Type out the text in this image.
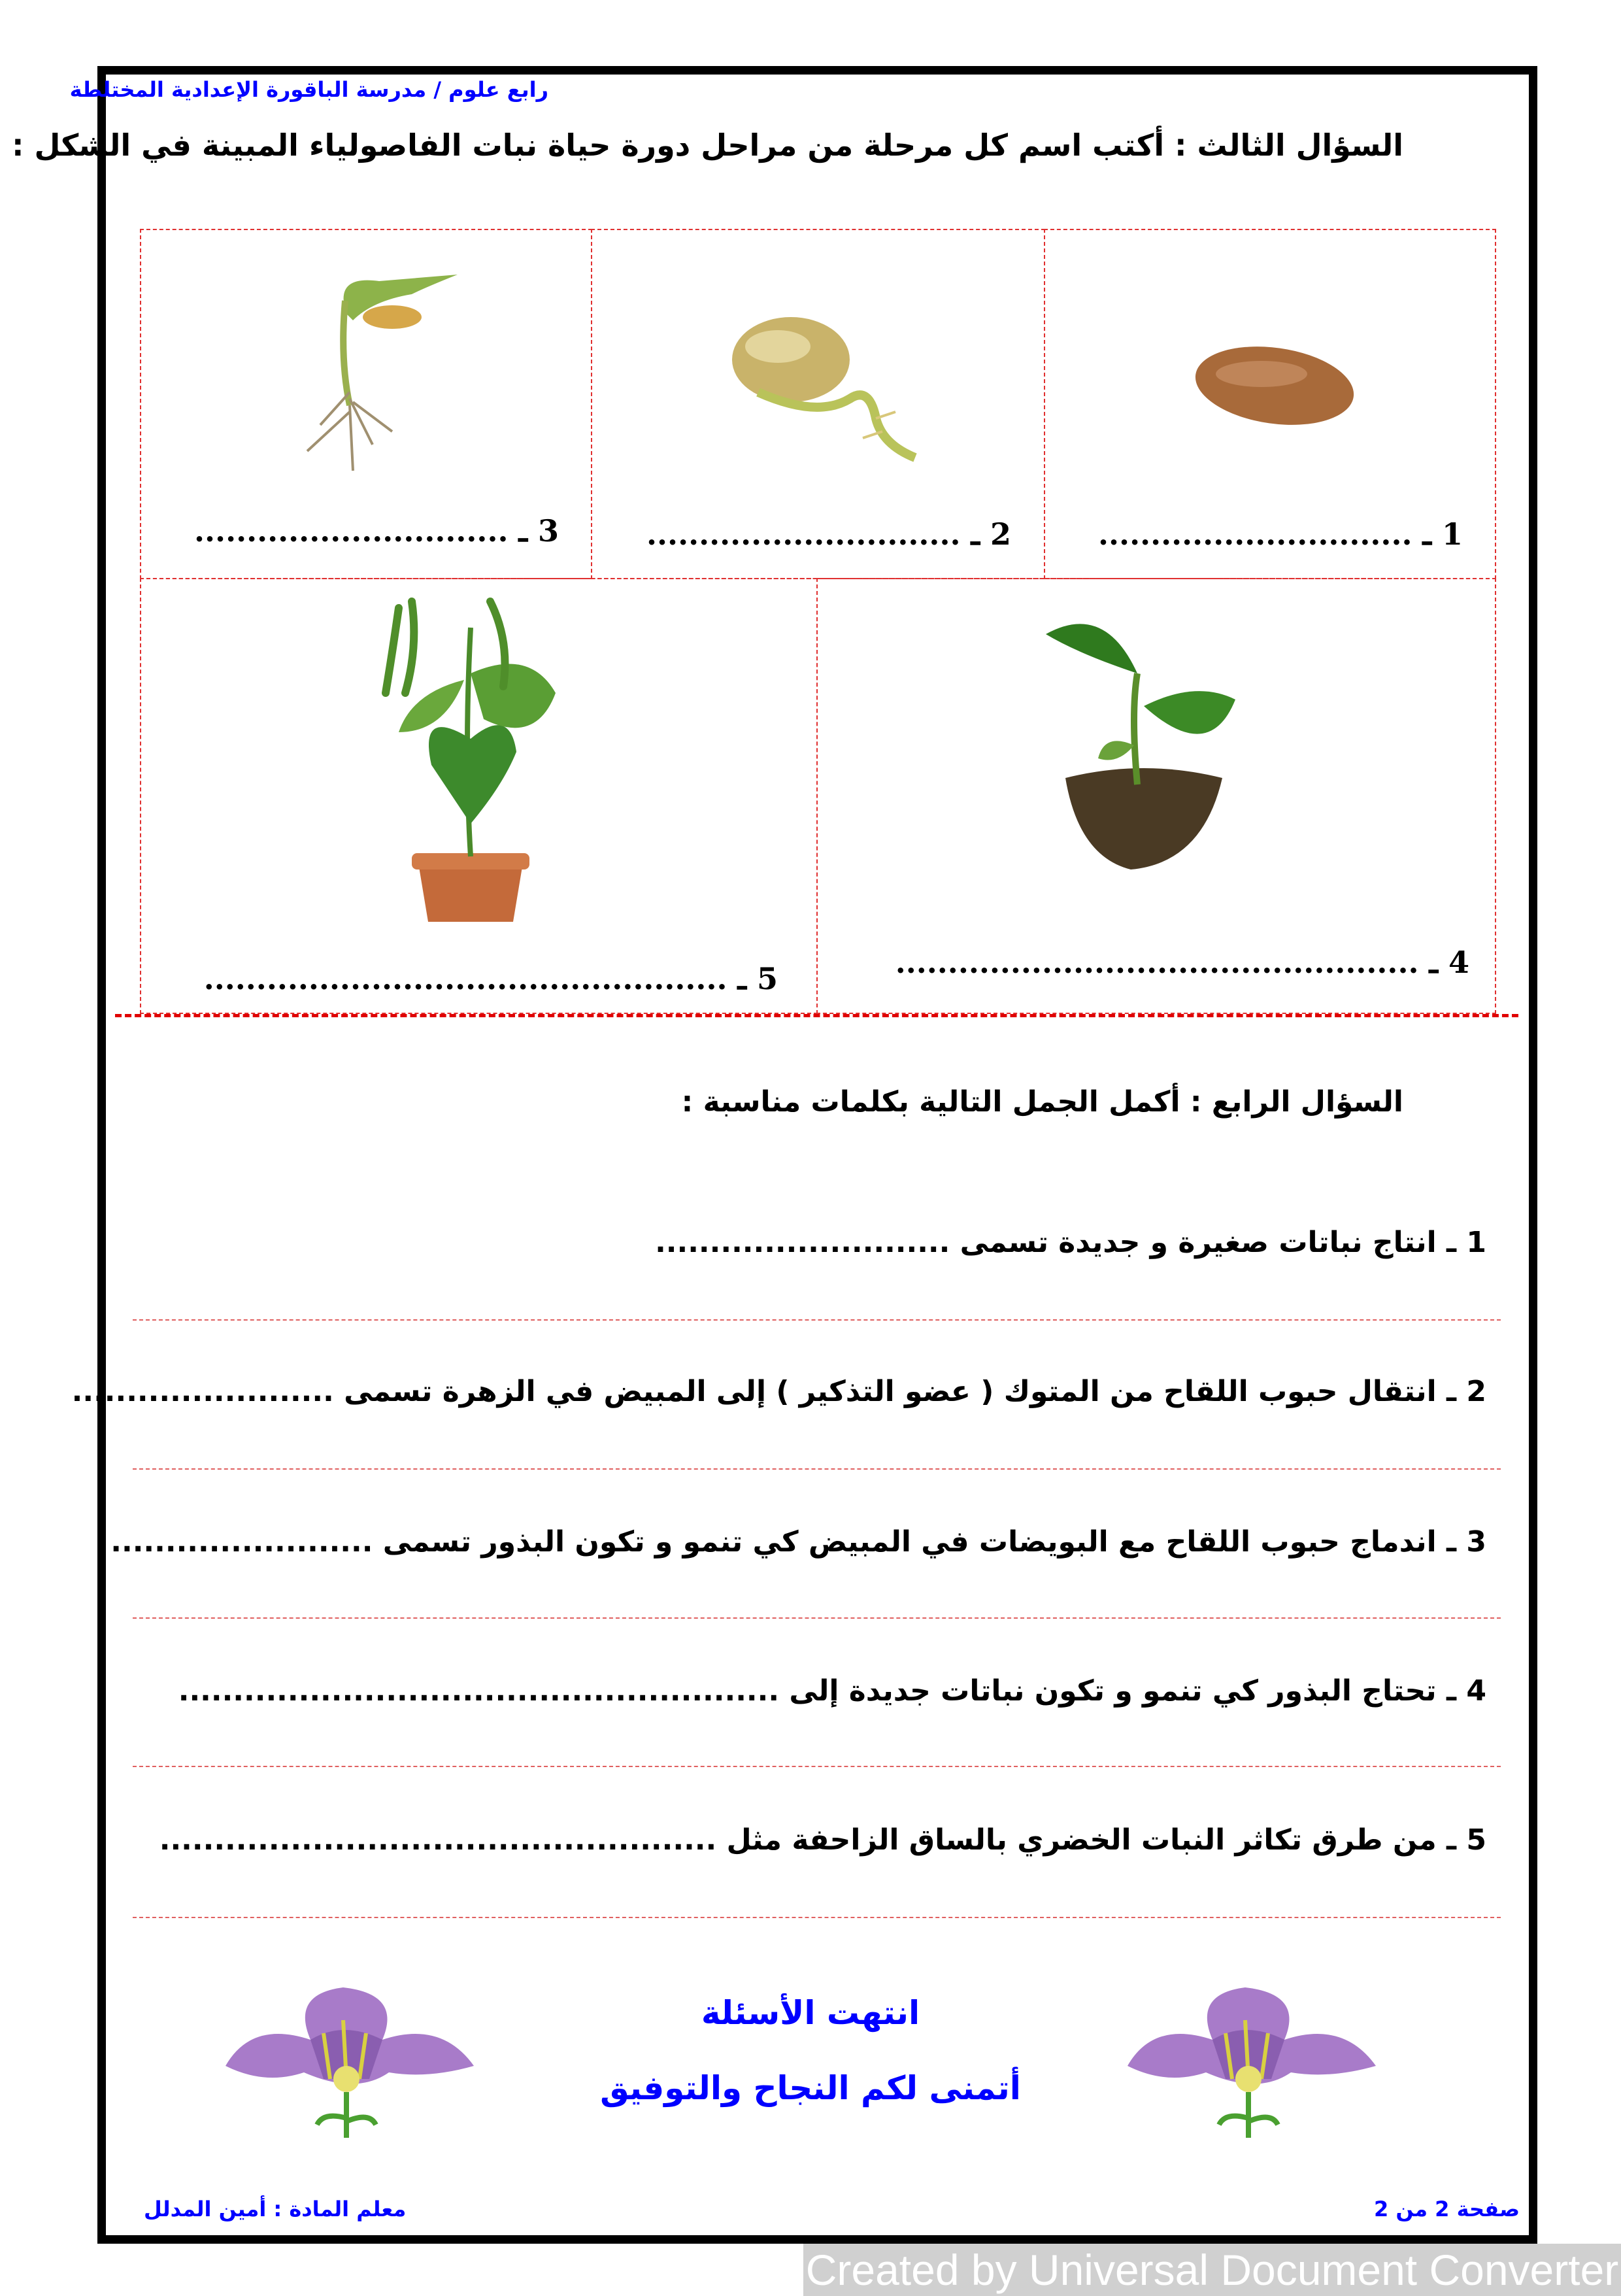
رابع علوم / مدرسة الباقورة الإعدادية المختلطة
السؤال الثالث : أكتب اسم كل مرحلة من مراحل دورة حياة نبات الفاصولياء المبينة في الشكل :
1 ـ ..............................
2 ـ ..............................
3 ـ ..............................
4 ـ ..................................................
5 ـ ..................................................
السؤال الرابع : أكمل الجمل التالية بكلمات مناسبة :
1 ـ انتاج نباتات صغيرة و جديدة تسمى ...........................
2 ـ انتقال حبوب اللقاح من المتوك ( عضو التذكير ) إلى المبيض في الزهرة تسمى ........................
3 ـ اندماج حبوب اللقاح مع البويضات في المبيض كي تنمو و تكون البذور تسمى ........................
4 ـ تحتاج البذور كي تنمو و تكون نباتات جديدة إلى .......................................................
5 ـ من طرق تكاثر النبات الخضري بالساق الزاحفة مثل ...................................................
انتهت الأسئلة
أتمنى لكم النجاح والتوفيق
صفحة 2 من 2
معلم المادة : أمين المدلل
Created by Universal Document Converter
